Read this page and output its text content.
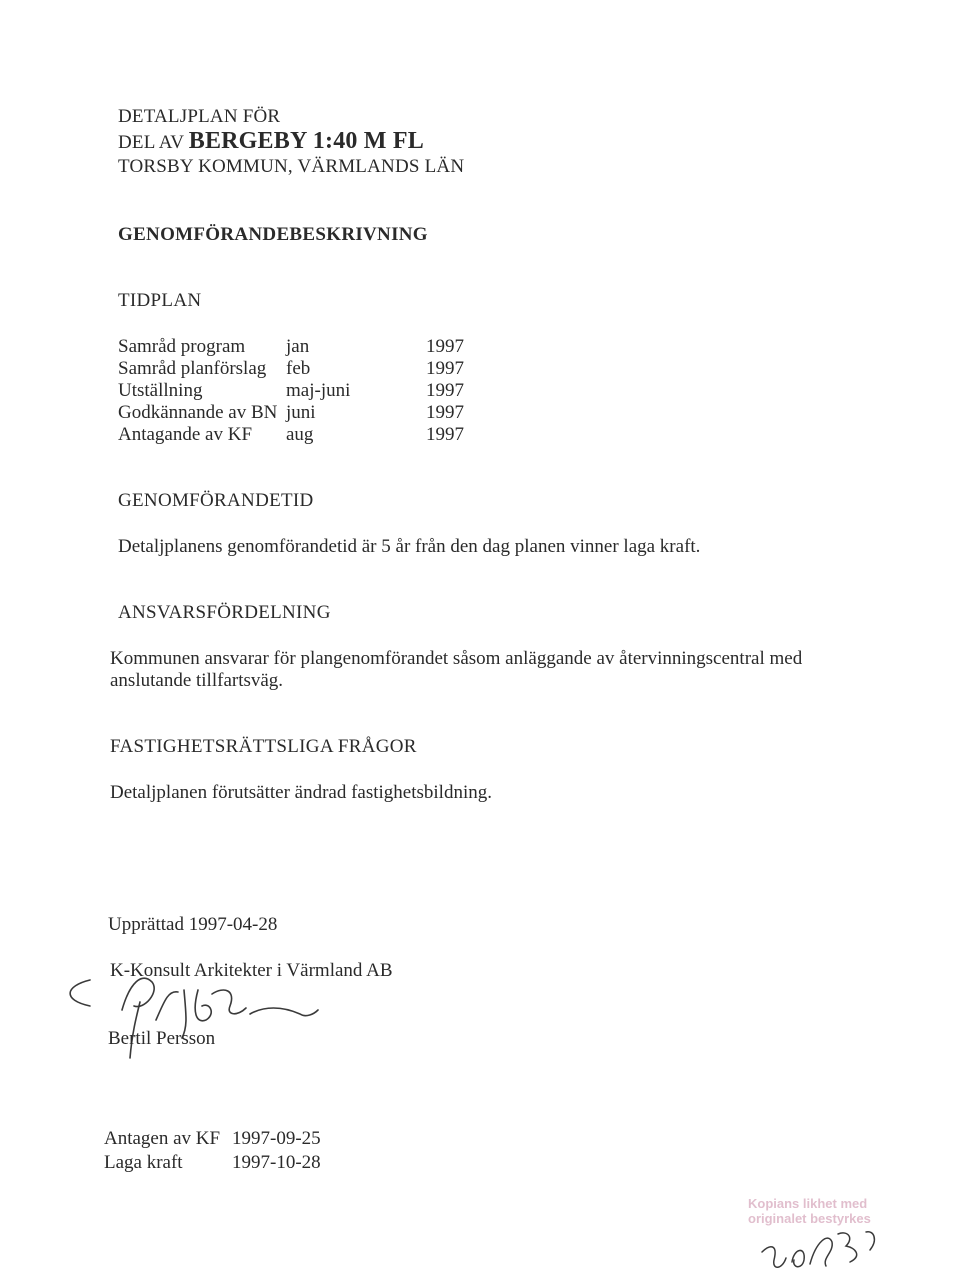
DETALJPLAN FÖR
DEL AV BERGEBY 1:40 M FL
TORSBY KOMMUN, VÄRMLANDS LÄN
GENOMFÖRANDEBESKRIVNING
TIDPLAN
Samråd program	jan	1997
Samråd planförslag	feb	1997
Utställning	maj-juni	1997
Godkännande av BN	juni	1997
Antagande av KF	aug	1997
GENOMFÖRANDETID
Detaljplanens genomförandetid är 5 år från den dag planen vinner laga kraft.
ANSVARSFÖRDELNING
Kommunen ansvarar för plangenomförandet såsom anläggande av återvinningscentral med
anslutande tillfartsväg.
FASTIGHETSRÄTTSLIGA FRÅGOR
Detaljplanen förutsätter ändrad fastighetsbildning.
Upprättad 1997-04-28
K-Konsult Arkitekter i Värmland AB
Bertil Persson
Antagen av KF 1997-09-25
Laga kraft	1997-10-28
Kopians likhet med
originalet bestyrkes
